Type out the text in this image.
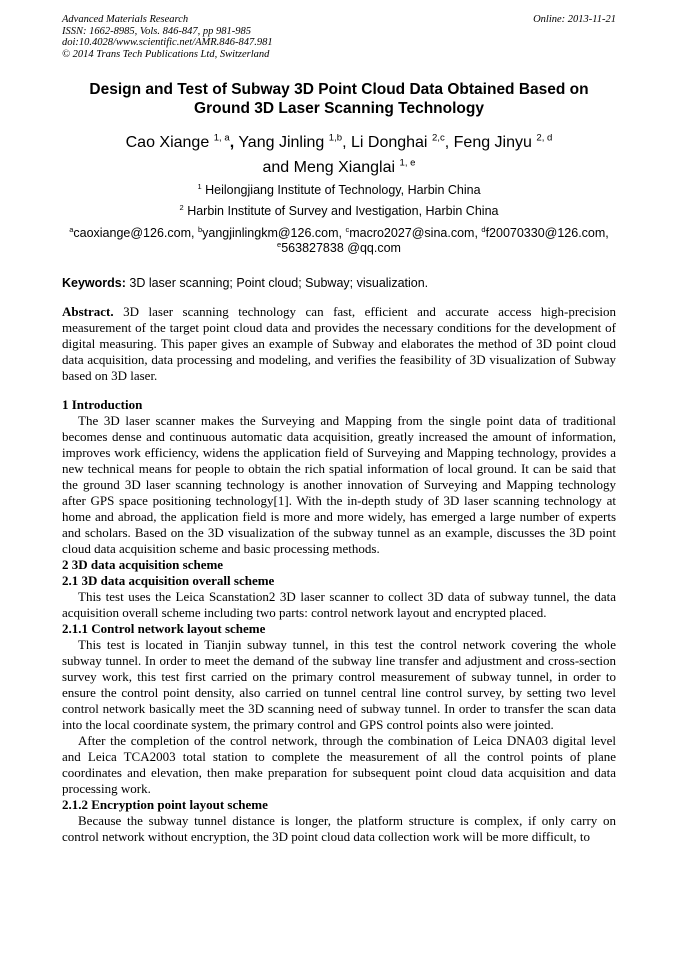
Advanced Materials Research
ISSN: 1662-8985, Vols. 846-847, pp 981-985
doi:10.4028/www.scientific.net/AMR.846-847.981
© 2014 Trans Tech Publications Ltd, Switzerland
Online: 2013-11-21
Design and Test of Subway 3D Point Cloud Data Obtained Based on
Ground 3D Laser Scanning Technology
Cao Xiange $^{1, a}$, Yang Jinling $^{1,b}$, Li Donghai $^{2,c}$, Feng Jinyu $^{2, d}$
and Meng Xianglai $^{1, e}$
$^1$ Heilongjiang Institute of Technology, Harbin China
$^2$ Harbin Institute of Survey and Ivestigation, Harbin China
$^a$caoxiange@126.com, $^b$yangjinlingkm@126.com, $^c$macro2027@sina.com, $^d$f20070330@126.com,
$^e$563827838 @qq.com
Keywords: 3D laser scanning; Point cloud; Subway; visualization.

Abstract. 3D laser scanning technology can fast, efficient and accurate access high-precision measurement of the target point cloud data and provides the necessary conditions for the development of digital measuring. This paper gives an example of Subway and elaborates the method of 3D point cloud data acquisition, data processing and modeling, and verifies the feasibility of 3D visualization of Subway based on 3D laser.

1 Introduction

The 3D laser scanner makes the Surveying and Mapping from the single point data of traditional becomes dense and continuous automatic data acquisition, greatly increased the amount of information, improves work efficiency, widens the application field of Surveying and Mapping technology, provides a new technical means for people to obtain the rich spatial information of local ground. It can be said that the ground 3D laser scanning technology is another innovation of Surveying and Mapping technology after GPS space positioning technology[1]. With the in-depth study of 3D laser scanning technology at home and abroad, the application field is more and more widely, has emerged a large number of experts and scholars. Based on the 3D visualization of the subway tunnel as an example, discusses the 3D point cloud data acquisition scheme and basic processing methods.

2 3D data acquisition scheme
2.1 3D data acquisition overall scheme

This test uses the Leica Scanstation2 3D laser scanner to collect 3D data of subway tunnel, the data acquisition overall scheme including two parts: control network layout and encrypted placed.

2.1.1 Control network layout scheme

This test is located in Tianjin subway tunnel, in this test the control network covering the whole subway tunnel. In order to meet the demand of the subway line transfer and adjustment and cross-section survey work, this test first carried on the primary control measurement of subway tunnel, in order to ensure the control point density, also carried on tunnel central line control survey, by setting two level control network basically meet the 3D scanning need of subway tunnel. In order to transfer the scan data into the local coordinate system, the primary control and GPS control points also were jointed.

After the completion of the control network, through the combination of Leica DNA03 digital level and Leica TCA2003 total station to complete the measurement of all the control points of plane coordinates and elevation, then make preparation for subsequent point cloud data acquisition and data processing work.

2.1.2 Encryption point layout scheme

Because the subway tunnel distance is longer, the platform structure is complex, if only carry on control network without encryption, the 3D point cloud data collection work will be more difficult, to
